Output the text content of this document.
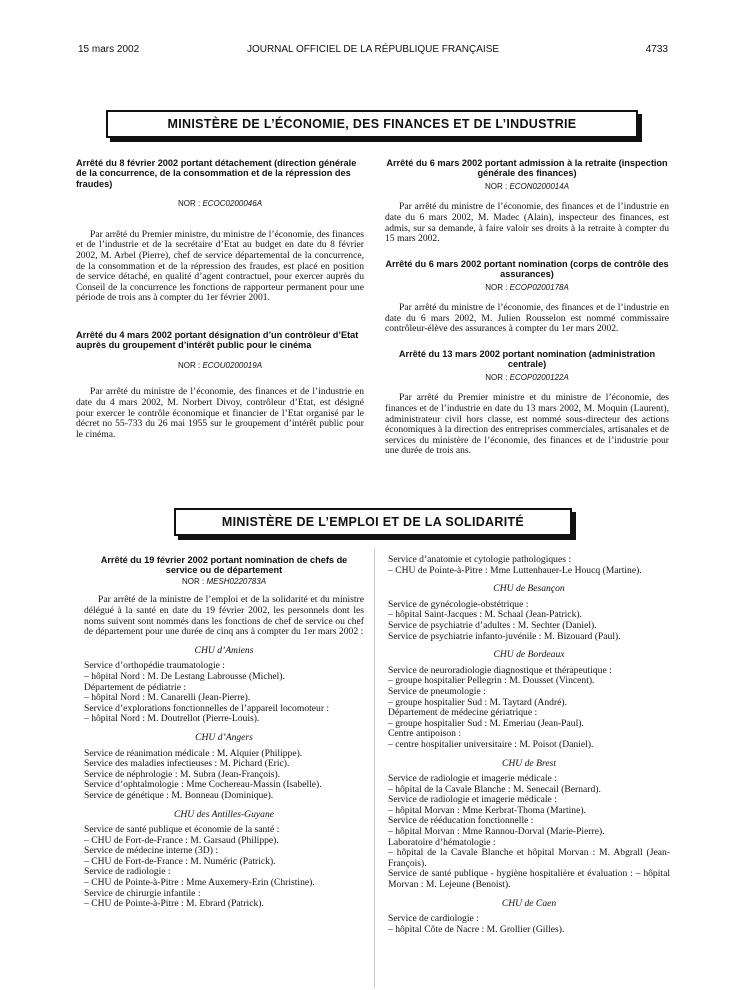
15 mars 2002	JOURNAL OFFICIEL DE LA RÉPUBLIQUE FRANÇAISE	4733
MINISTÈRE DE L’ÉCONOMIE, DES FINANCES ET DE L’INDUSTRIE
Arrêté du 8 février 2002 portant détachement (direction générale de la concurrence, de la consommation et de la répression des fraudes)
NOR : ECOC0200046A
Par arrêté du Premier ministre, du ministre de l’économie, des finances et de l’industrie et de la secrétaire d’Etat au budget en date du 8 février 2002, M. Arbel (Pierre), chef de service départemental de la concurrence, de la consommation et de la répression des fraudes, est placé en position de service détaché, en qualité d’agent contractuel, pour exercer auprès du Conseil de la concurrence les fonctions de rapporteur permanent pour une période de trois ans à compter du 1er février 2001.
Arrêté du 4 mars 2002 portant désignation d’un contrôleur d’Etat auprès du groupement d’intérêt public pour le cinéma
NOR : ECOU0200019A
Par arrêté du ministre de l’économie, des finances et de l’industrie en date du 4 mars 2002, M. Norbert Divoy, contrôleur d’Etat, est désigné pour exercer le contrôle économique et financier de l’Etat organisé par le décret no 55-733 du 26 mai 1955 sur le groupement d’intérêt public pour le cinéma.
Arrêté du 6 mars 2002 portant admission à la retraite (inspection générale des finances)
NOR : ECON0200014A
Par arrêté du ministre de l’économie, des finances et de l’industrie en date du 6 mars 2002, M. Madec (Alain), inspecteur des finances, est admis, sur sa demande, à faire valoir ses droits à la retraite à compter du 15 mars 2002.
Arrêté du 6 mars 2002 portant nomination (corps de contrôle des assurances)
NOR : ECOP0200178A
Par arrêté du ministre de l’économie, des finances et de l’industrie en date du 6 mars 2002, M. Julien Rousselon est nommé commissaire contrôleur-élève des assurances à compter du 1er mars 2002.
Arrêté du 13 mars 2002 portant nomination (administration centrale)
NOR : ECOP0200122A
Par arrêté du Premier ministre et du ministre de l’économie, des finances et de l’industrie en date du 13 mars 2002, M. Moquin (Laurent), administrateur civil hors classe, est nommé sous-directeur des actions économiques à la direction des entreprises commerciales, artisanales et de services du ministère de l’économie, des finances et de l’industrie pour une durée de trois ans.
MINISTÈRE DE L’EMPLOI ET DE LA SOLIDARITÉ
Arrêté du 19 février 2002 portant nomination de chefs de service ou de département
NOR : MESH0220783A
Par arrêté de la ministre de l’emploi et de la solidarité et du ministre délégué à la santé en date du 19 février 2002, les personnels dont les noms suivent sont nommés dans les fonctions de chef de service ou chef de département pour une durée de cinq ans à compter du 1er mars 2002 :
CHU d’Amiens
Service d’orthopédie traumatologie :
– hôpital Nord : M. De Lestang Labrousse (Michel).
Département de pédiatrie :
– hôpital Nord : M. Canarelli (Jean-Pierre).
Service d’explorations fonctionnelles de l’appareil locomoteur :
– hôpital Nord : M. Doutrellot (Pierre-Louis).
CHU d’Angers
Service de réanimation médicale : M. Alquier (Philippe).
Service des maladies infectieuses : M. Pichard (Eric).
Service de néphrologie : M. Subra (Jean-François).
Service d’ophtalmologie : Mme Cochereau-Massin (Isabelle).
Service de génétique : M. Bonneau (Dominique).
CHU des Antilles-Guyane
Service de santé publique et économie de la santé :
– CHU de Fort-de-France : M. Garsaud (Philippe).
Service de médecine interne (3D) :
– CHU de Fort-de-France : M. Numéric (Patrick).
Service de radiologie :
– CHU de Pointe-à-Pitre : Mme Auxemery-Erin (Christine).
Service de chirurgie infantile :
– CHU de Pointe-à-Pitre : M. Ebrard (Patrick).
Service d’anatomie et cytologie pathologiques :
– CHU de Pointe-à-Pitre : Mme Luttenhauer-Le Houcq (Martine).
CHU de Besançon
Service de gynécologie-obstétrique :
– hôpital Saint-Jacques : M. Schaal (Jean-Patrick).
Service de psychiatrie d’adultes : M. Sechter (Daniel).
Service de psychiatrie infanto-juvénile : M. Bizouard (Paul).
CHU de Bordeaux
Service de neuroradiologie diagnostique et thérapeutique :
– groupe hospitalier Pellegrin : M. Dousset (Vincent).
Service de pneumologie :
– groupe hospitalier Sud : M. Taytard (André).
Département de médecine gériatrique :
– groupe hospitalier Sud : M. Emeriau (Jean-Paul).
Centre antipoison :
– centre hospitalier universitaire : M. Poisot (Daniel).
CHU de Brest
Service de radiologie et imagerie médicale :
– hôpital de la Cavale Blanche : M. Senecail (Bernard).
Service de radiologie et imagerie médicale :
– hôpital Morvan : Mme Kerbrat-Thoma (Martine).
Service de rééducation fonctionnelle :
– hôpital Morvan : Mme Rannou-Dorval (Marie-Pierre).
Laboratoire d’hématologie :
– hôpital de la Cavale Blanche et hôpital Morvan : M. Abgrall (Jean-François).
Service de santé publique - hygiène hospitalière et évaluation : – hôpital Morvan : M. Lejeune (Benoist).
CHU de Caen
Service de cardiologie :
– hôpital Côte de Nacre : M. Grollier (Gilles).
